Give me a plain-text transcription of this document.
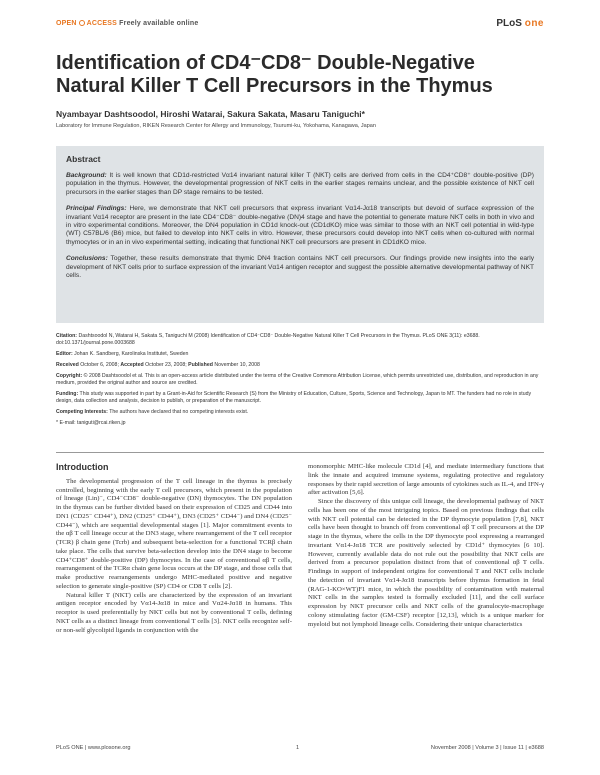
OPEN ACCESS Freely available online	PLoS one
Identification of CD4⁻CD8⁻ Double-Negative Natural Killer T Cell Precursors in the Thymus
Nyambayar Dashtsoodol, Hiroshi Watarai, Sakura Sakata, Masaru Taniguchi*
Laboratory for Immune Regulation, RIKEN Research Center for Allergy and Immunology, Tsurumi-ku, Yokohama, Kanagawa, Japan
Abstract

Background: It is well known that CD1d-restricted Vα14 invariant natural killer T (NKT) cells are derived from cells in the CD4⁺CD8⁺ double-positive (DP) population in the thymus. However, the developmental progression of NKT cells in the earlier stages remains unclear, and the possible existence of NKT cell precursors in the earlier stages than DP stage remains to be tested.

Principal Findings: Here, we demonstrate that NKT cell precursors that express invariant Vα14-Jα18 transcripts but devoid of surface expression of the invariant Vα14 receptor are present in the late CD4⁻CD8⁻ double-negative (DN)4 stage and have the potential to generate mature NKT cells in both in vivo and in vitro experimental conditions. Moreover, the DN4 population in CD1d knock-out (CD1dKO) mice was similar to those with an NKT cell potential in wild-type (WT) C57BL/6 (B6) mice, but failed to develop into NKT cells in vitro. However, these precursors could develop into NKT cells when co-cultured with normal thymocytes or in an in vivo experimental setting, indicating that functional NKT cell precursors are present in CD1dKO mice.

Conclusions: Together, these results demonstrate that thymic DN4 fraction contains NKT cell precursors. Our findings provide new insights into the early development of NKT cells prior to surface expression of the invariant Vα14 antigen receptor and suggest the possible alternative developmental pathway of NKT cells.

Citation: Dashtsoodol N, Watarai H, Sakata S, Taniguchi M (2008) Identification of CD4⁻CD8⁻ Double-Negative Natural Killer T Cell Precursors in the Thymus. PLoS ONE 3(11): e3688. doi:10.1371/journal.pone.0003688

Editor: Johan K. Sandberg, Karolinska Institutet, Sweden

Received October 6, 2008; Accepted October 23, 2008; Published November 10, 2008

Copyright: © 2008 Dashtsoodol et al. This is an open-access article distributed under the terms of the Creative Commons Attribution License, which permits unrestricted use, distribution, and reproduction in any medium, provided the original author and source are credited.

Funding: This study was supported in part by a Grant-in-Aid for Scientific Research (S) from the Ministry of Education, Culture, Sports, Science and Technology, Japan to MT. The funders had no role in study design, data collection and analysis, decision to publish, or preparation of the manuscript.

Competing Interests: The authors have declared that no competing interests exist.

* E-mail: taniguti@rcai.riken.jp

Introduction

The developmental progression of the T cell lineage in the thymus is precisely controlled, beginning with the early T cell precursors, which present in the population of lineage (Lin)⁻, CD4⁻CD8⁻ double-negative (DN) thymocytes. The DN population in the thymus can be further divided based on their expression of CD25 and CD44 into DN1 (CD25⁻ CD44⁺), DN2 (CD25⁺ CD44⁺), DN3 (CD25⁺ CD44⁻) and DN4 (CD25⁻ CD44⁻), which are sequential developmental stages [1]. Major commitment events to the αβ T cell lineage occur at the DN3 stage, where rearrangement of the T cell receptor (TCR) β chain gene (Tcrb) and subsequent beta-selection for a functional TCRβ chain take place. The cells that survive beta-selection develop into the DN4 stage to become CD4⁺CD8⁺ double-positive (DP) thymocytes. In the case of conventional αβ T cells, rearrangement of the TCRα chain gene locus occurs at the DP stage, and those cells that make productive rearrangements undergo MHC-mediated positive and negative selection to generate single-positive (SP) CD4 or CD8 T cells [2].

Natural killer T (NKT) cells are characterized by the expression of an invariant antigen receptor encoded by Vα14-Jα18 in mice and Vα24-Jα18 in humans. This receptor is used preferentially by NKT cells but not by conventional T cells, defining NKT cells as a distinct lineage from conventional T cells [3]. NKT cells recognize self- or non-self glycolipid ligands in conjunction with the

monomorphic MHC-like molecule CD1d [4], and mediate intermediary functions that link the innate and acquired immune systems, regulating protective and regulatory responses by their rapid secretion of large amounts of cytokines such as IL-4, and IFN-γ after activation [5,6].

Since the discovery of this unique cell lineage, the developmental pathway of NKT cells has been one of the most intriguing topics. Based on previous findings that cells with NKT cell potential can be detected in the DP thymocyte population [7,8], NKT cells have been thought to branch off from conventional αβ T cell precursors at the DP stage in the thymus, where the cells in the DP thymocyte pool expressing a rearranged invariant Vα14-Jα18 TCR are positively selected by CD1d⁺ thymocytes [6 10]. However, currently available data do not rule out the possibility that NKT cells are derived from a precursor population distinct from that of conventional αβ T cells. Findings in support of independent origins for conventional T and NKT cells include the detection of invariant Vα14-Jα18 transcripts before thymus formation in fetal (RAG-1-KO×WT)F1 mice, in which the possibility of contamination with maternal NKT cells in the samples tested is formally excluded [11], and the cell surface expression by NKT precursor cells and NKT cells of the granulocyte-macrophage colony stimulating factor (GM-CSF) receptor [12,13], which is a unique marker for myeloid but not lymphoid lineage cells. Considering their unique characteristics

PLoS ONE | www.plosone.org	1	November 2008 | Volume 3 | Issue 11 | e3688
